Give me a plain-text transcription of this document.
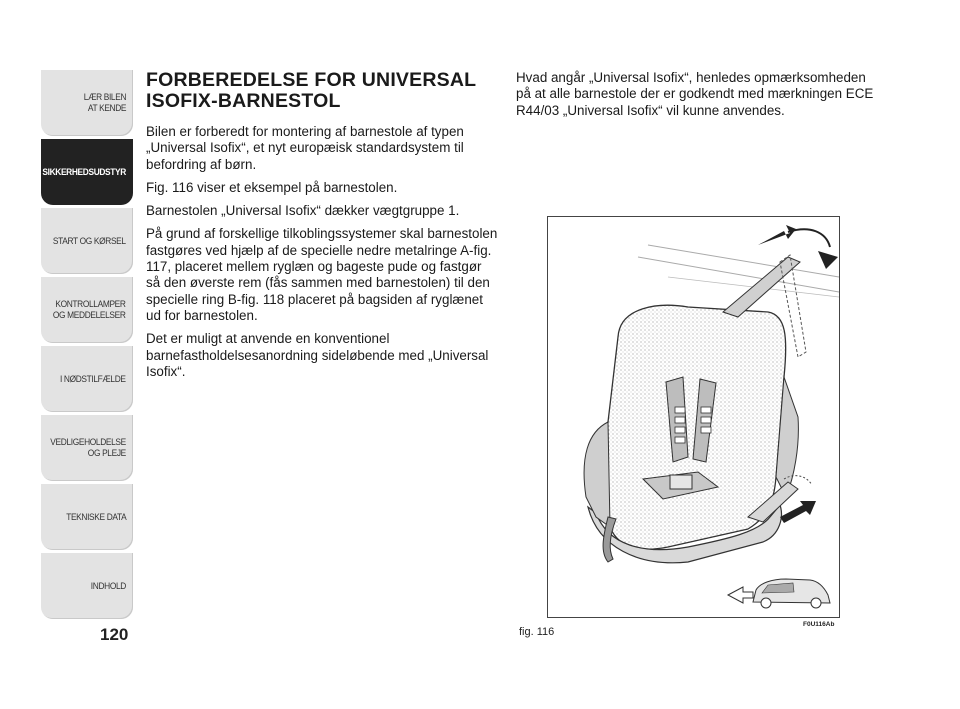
LÆR BILEN
AT KENDE
SIKKERHEDSUDSTYR
START OG KØRSEL
KONTROLLAMPER
OG MEDDELELSER
I NØDSTILFÆLDE
VEDLIGEHOLDELSE
OG PLEJE
TEKNISKE DATA
INDHOLD
120
FORBEREDELSE FOR UNIVERSAL ISOFIX-BARNESTOL

Bilen er forberedt for montering af barnestole af typen „Universal Isofix“, et nyt europæisk standardsystem til befordring af børn.

Fig. 116 viser et eksempel på barnestolen.

Barnestolen „Universal Isofix“ dækker vægtgruppe 1.

På grund af forskellige tilkoblingssystemer skal barnestolen fastgøres ved hjælp af de specielle nedre metalringe A-fig. 117, placeret mellem ryglæn og bageste pude og fastgør så den øverste rem (fås sammen med barnestolen) til den specielle ring B-fig. 118 placeret på bagsiden af ryglænet ud for barnestolen.

Det er muligt at anvende en konventionel barnefastholdelsesanordning sideløbende med „Universal Isofix“.

Hvad angår „Universal Isofix“, henledes opmærksomheden på at alle barnestole der er godkendt med mærkningen ECE R44/03 „Universal Isofix“ vil kunne anvendes.

fig. 116
F0U116Ab
